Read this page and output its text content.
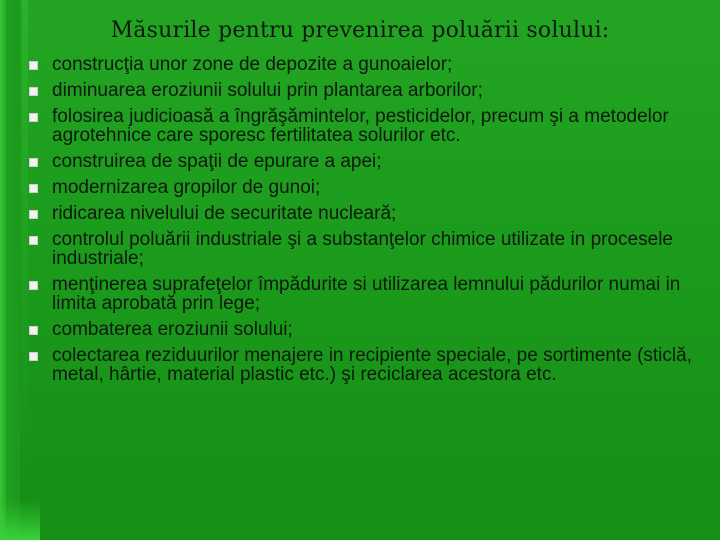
Măsurile pentru prevenirea poluării solului:
construcţia unor zone de depozite a gunoaielor;
diminuarea eroziunii solului prin plantarea arborilor;
folosirea judicioasă a îngrăşămintelor, pesticidelor, precum şi a metodelor agrotehnice care sporesc fertilitatea solurilor etc.
construirea de spaţii de epurare a apei;
modernizarea gropilor de gunoi;
ridicarea nivelului de securitate nucleară;
controlul poluării industriale şi a substanţelor chimice utilizate in procesele industriale;
menţinerea suprafeţelor împădurite si utilizarea lemnului pădurilor numai in limita aprobată prin lege;
combaterea eroziunii solului;
colectarea reziduurilor menajere in recipiente speciale, pe sortimente (sticlă, metal, hârtie, material plastic etc.) şi reciclarea acestora etc.
